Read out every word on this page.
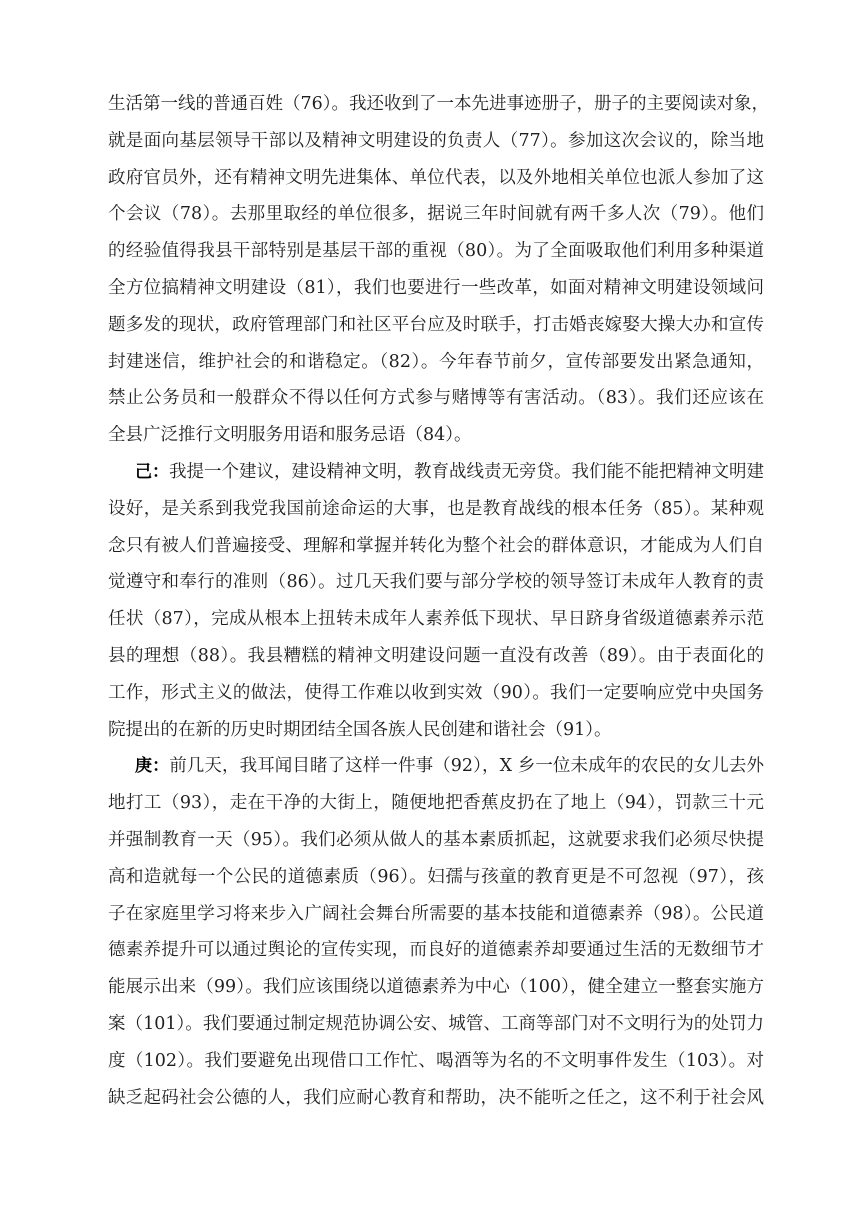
生活第一线的普通百姓（76）。我还收到了一本先进事迹册子，册子的主要阅读对象，
就是面向基层领导干部以及精神文明建设的负责人（77）。参加这次会议的，除当地
政府官员外，还有精神文明先进集体、单位代表，以及外地相关单位也派人参加了这
个会议（78）。去那里取经的单位很多，据说三年时间就有两千多人次（79）。他们
的经验值得我县干部特别是基层干部的重视（80）。为了全面吸取他们利用多种渠道
全方位搞精神文明建设（81），我们也要进行一些改革，如面对精神文明建设领域问
题多发的现状，政府管理部门和社区平台应及时联手，打击婚丧嫁娶大操大办和宣传
封建迷信，维护社会的和谐稳定。（82）。今年春节前夕，宣传部要发出紧急通知，
禁止公务员和一般群众不得以任何方式参与赌博等有害活动。（83）。我们还应该在
全县广泛推行文明服务用语和服务忌语（84）。
己：我提一个建议，建设精神文明，教育战线责无旁贷。我们能不能把精神文明建
设好，是关系到我党我国前途命运的大事，也是教育战线的根本任务（85）。某种观
念只有被人们普遍接受、理解和掌握并转化为整个社会的群体意识，才能成为人们自
觉遵守和奉行的准则（86）。过几天我们要与部分学校的领导签订未成年人教育的责
任状（87），完成从根本上扭转未成年人素养低下现状、早日跻身省级道德素养示范
县的理想（88）。我县糟糕的精神文明建设问题一直没有改善（89）。由于表面化的
工作，形式主义的做法，使得工作难以收到实效（90）。我们一定要响应党中央国务
院提出的在新的历史时期团结全国各族人民创建和谐社会（91）。
庚：前几天，我耳闻目睹了这样一件事（92），X 乡一位未成年的农民的女儿去外
地打工（93），走在干净的大街上，随便地把香蕉皮扔在了地上（94），罚款三十元
并强制教育一天（95）。我们必须从做人的基本素质抓起，这就要求我们必须尽快提
高和造就每一个公民的道德素质（96）。妇孺与孩童的教育更是不可忽视（97），孩
子在家庭里学习将来步入广阔社会舞台所需要的基本技能和道德素养（98）。公民道
德素养提升可以通过舆论的宣传实现，而良好的道德素养却要通过生活的无数细节才
能展示出来（99）。我们应该围绕以道德素养为中心（100），健全建立一整套实施方
案（101）。我们要通过制定规范协调公安、城管、工商等部门对不文明行为的处罚力
度（102）。我们要避免出现借口工作忙、喝酒等为名的不文明事件发生（103）。对
缺乏起码社会公德的人，我们应耐心教育和帮助，决不能听之任之，这不利于社会风
